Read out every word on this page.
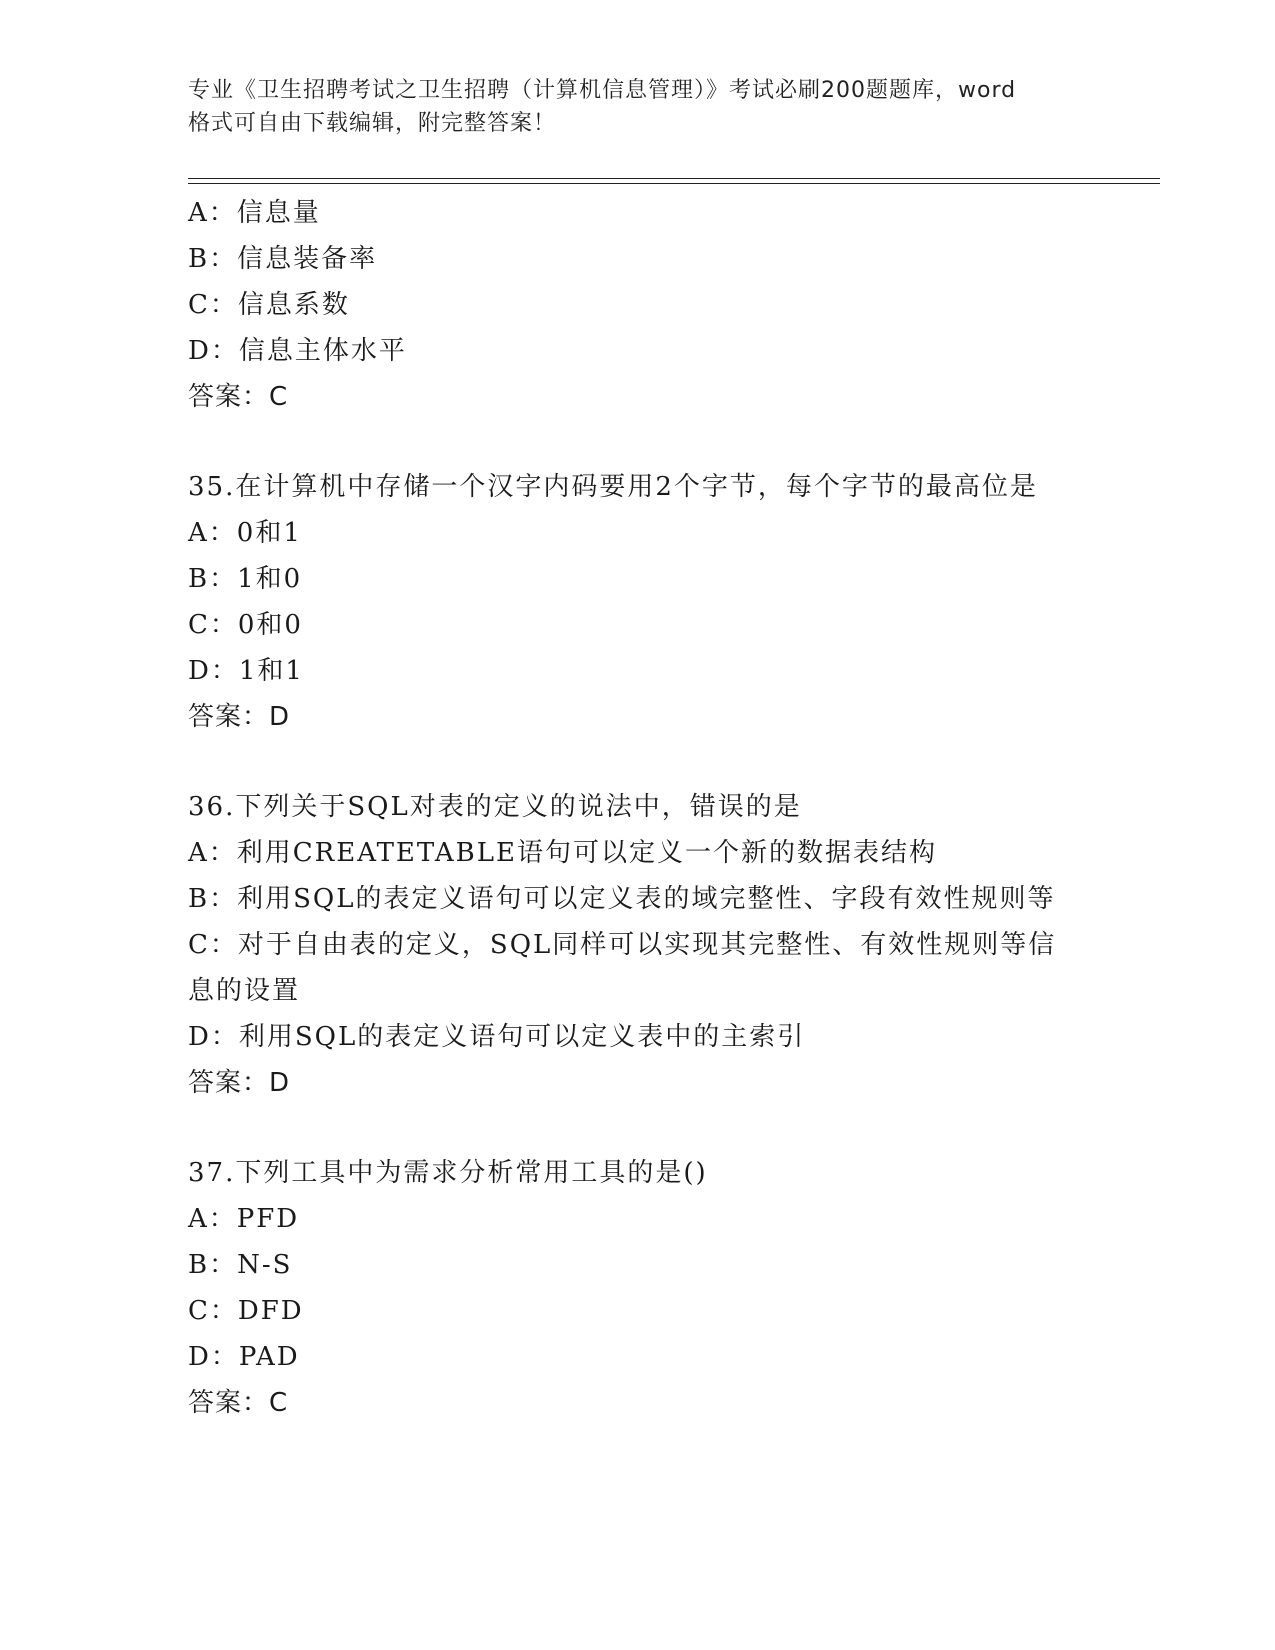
专业《卫生招聘考试之卫生招聘（计算机信息管理）》考试必刷200题题库，word
格式可自由下载编辑，附完整答案！
A：信息量
B：信息装备率
C：信息系数
D：信息主体水平
答案：C
35.在计算机中存储一个汉字内码要用2个字节，每个字节的最高位是
A：0和1
B：1和0
C：0和0
D：1和1
答案：D
36.下列关于SQL对表的定义的说法中，错误的是
A：利用CREATETABLE语句可以定义一个新的数据表结构
B：利用SQL的表定义语句可以定义表的域完整性、字段有效性规则等
C：对于自由表的定义，SQL同样可以实现其完整性、有效性规则等信
息的设置
D：利用SQL的表定义语句可以定义表中的主索引
答案：D
37.下列工具中为需求分析常用工具的是()
A：PFD
B：N-S
C：DFD
D：PAD
答案：C
